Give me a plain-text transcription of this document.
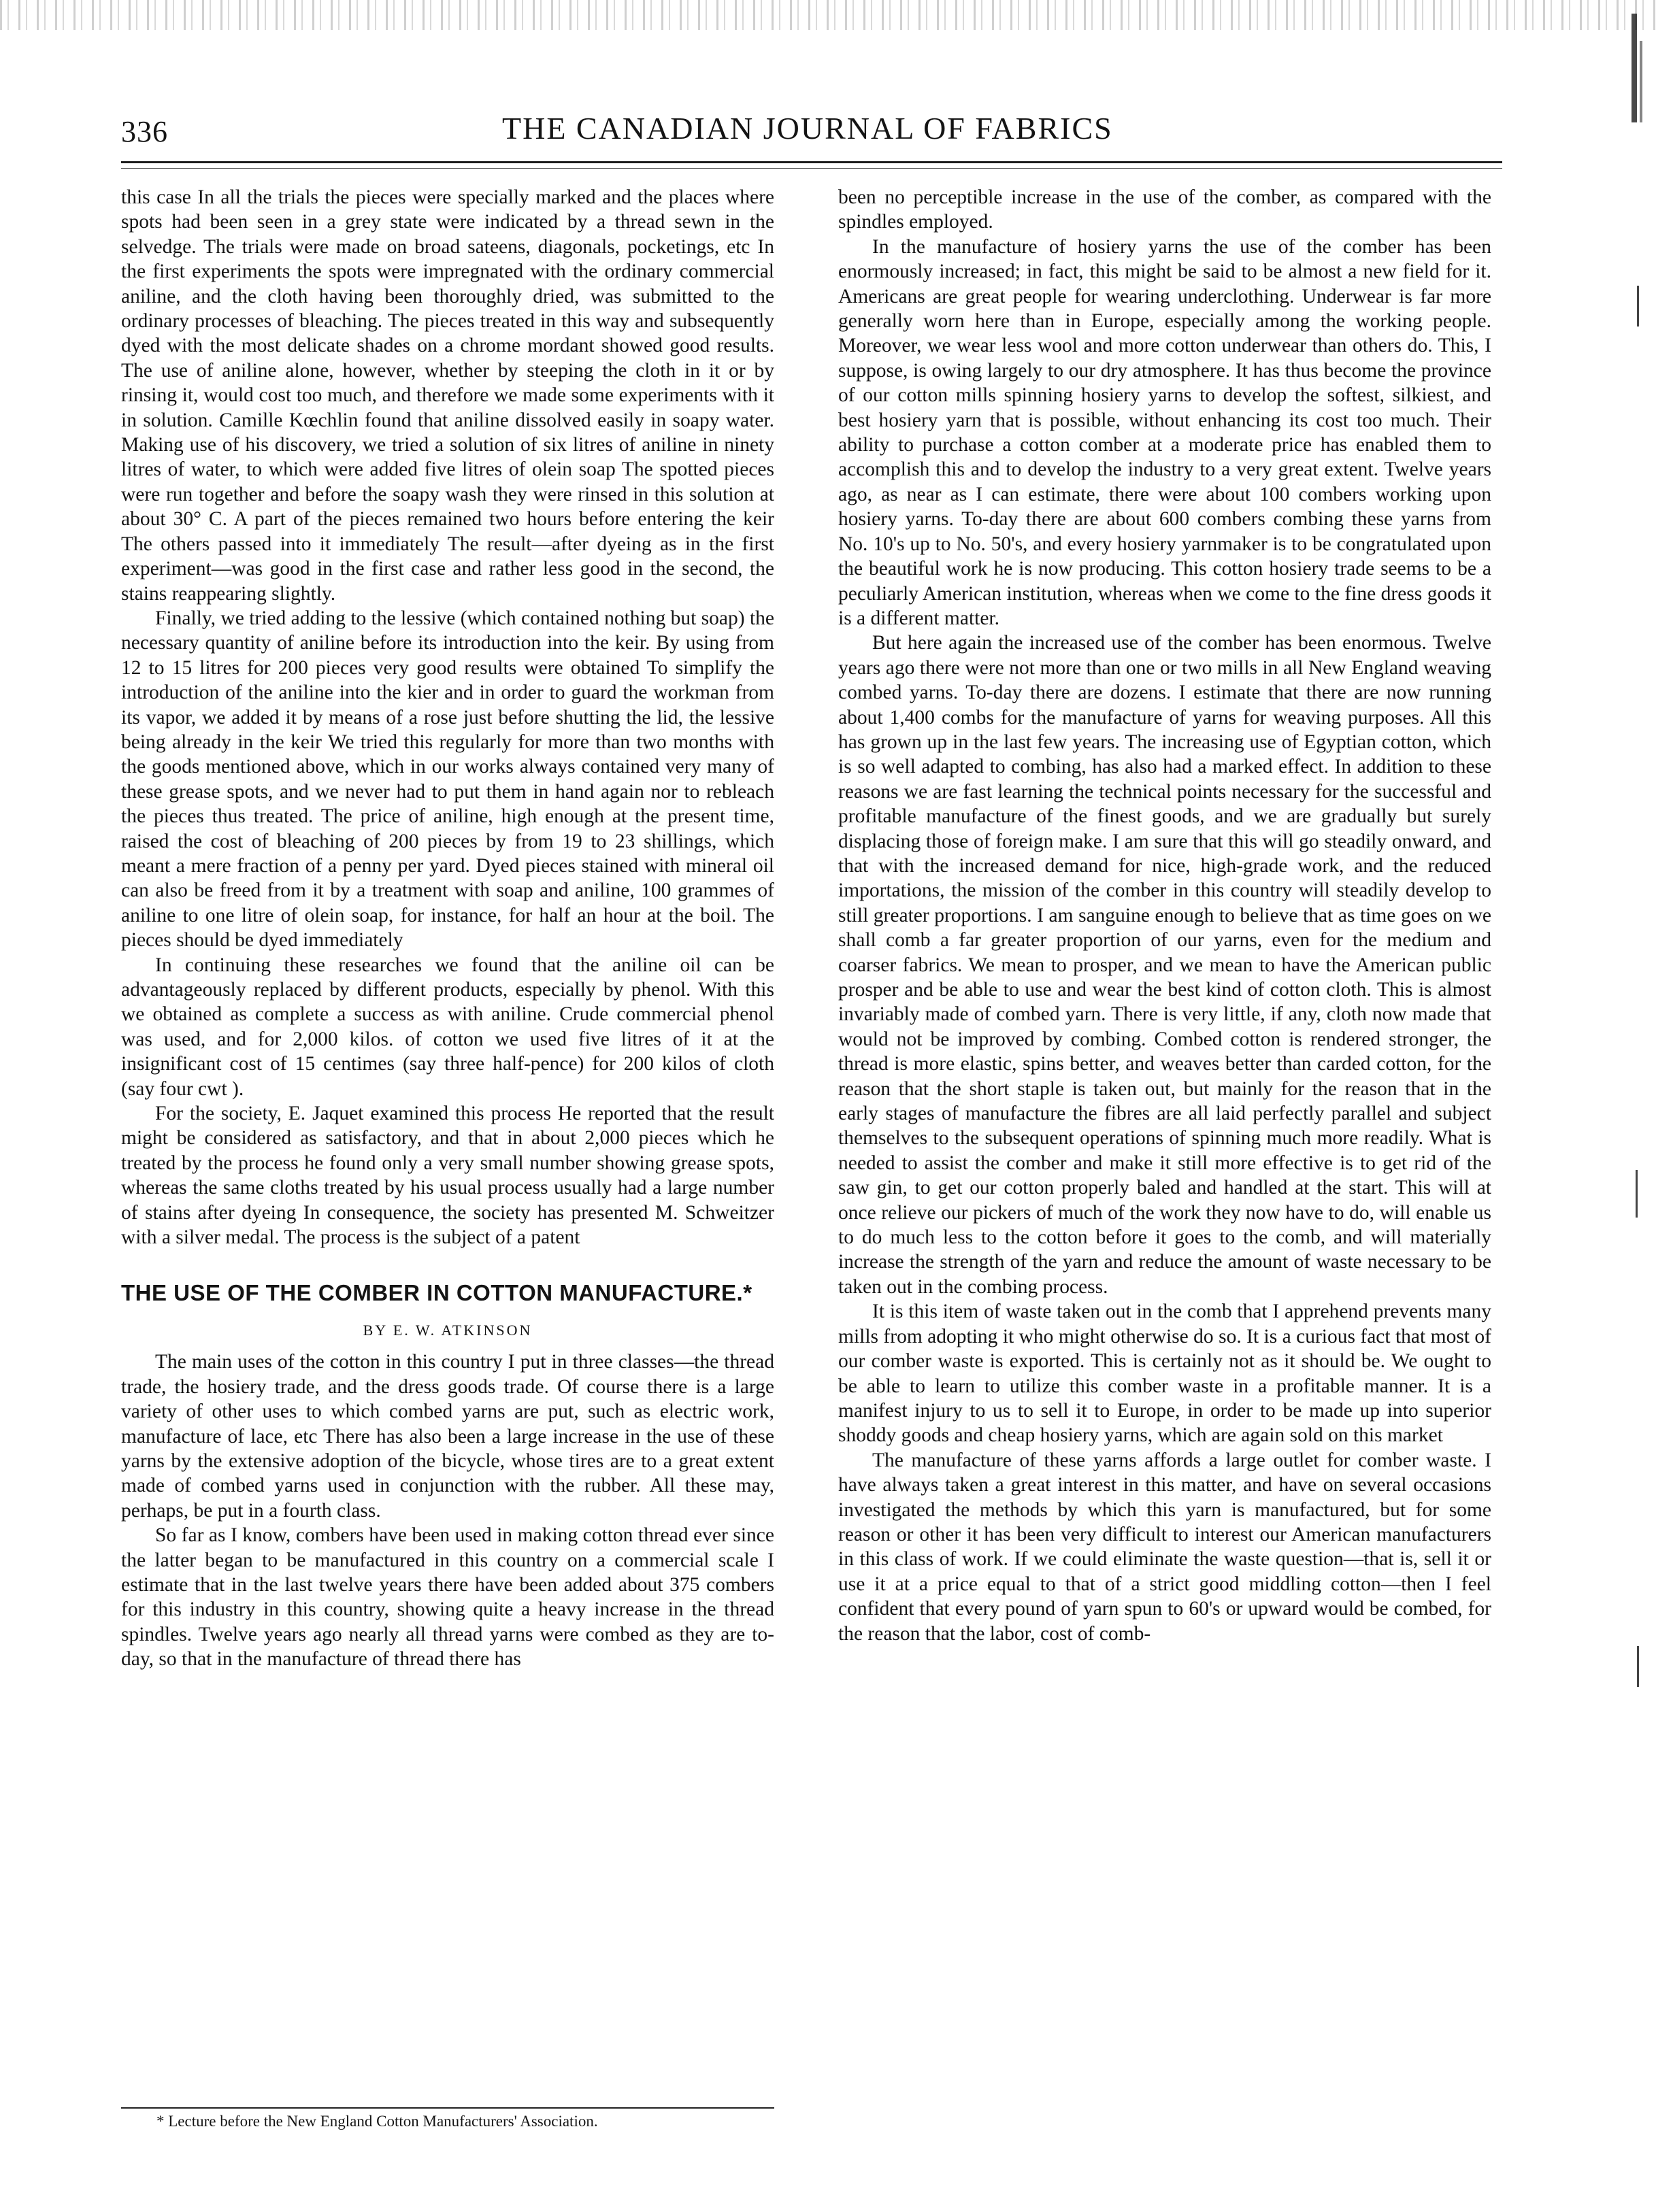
336	THE CANADIAN JOURNAL OF FABRICS

this case In all the trials the pieces were specially marked and the places where spots had been seen in a grey state were indicated by a thread sewn in the selvedge. The trials were made on broad sateens, diagonals, pocketings, etc In the first experiments the spots were impregnated with the ordinary commercial aniline, and the cloth having been thoroughly dried, was submitted to the ordinary processes of bleaching. The pieces treated in this way and subsequently dyed with the most delicate shades on a chrome mordant showed good results. The use of aniline alone, however, whether by steeping the cloth in it or by rinsing it, would cost too much, and therefore we made some experiments with it in solution. Camille Kœchlin found that aniline dissolved easily in soapy water. Making use of his discovery, we tried a solution of six litres of aniline in ninety litres of water, to which were added five litres of olein soap The spotted pieces were run together and before the soapy wash they were rinsed in this solution at about 30° C. A part of the pieces remained two hours before entering the keir The others passed into it immediately The result—after dyeing as in the first experiment—was good in the first case and rather less good in the second, the stains reappearing slightly.

Finally, we tried adding to the lessive (which contained nothing but soap) the necessary quantity of aniline before its introduction into the keir. By using from 12 to 15 litres for 200 pieces very good results were obtained To simplify the introduction of the aniline into the kier and in order to guard the workman from its vapor, we added it by means of a rose just before shutting the lid, the lessive being already in the keir We tried this regularly for more than two months with the goods mentioned above, which in our works always contained very many of these grease spots, and we never had to put them in hand again nor to rebleach the pieces thus treated. The price of aniline, high enough at the present time, raised the cost of bleaching of 200 pieces by from 19 to 23 shillings, which meant a mere fraction of a penny per yard. Dyed pieces stained with mineral oil can also be freed from it by a treatment with soap and aniline, 100 grammes of aniline to one litre of olein soap, for instance, for half an hour at the boil. The pieces should be dyed immediately

In continuing these researches we found that the aniline oil can be advantageously replaced by different products, especially by phenol. With this we obtained as complete a success as with aniline. Crude commercial phenol was used, and for 2,000 kilos. of cotton we used five litres of it at the insignificant cost of 15 centimes (say three half-pence) for 200 kilos of cloth (say four cwt ).

For the society, E. Jaquet examined this process He reported that the result might be considered as satisfactory, and that in about 2,000 pieces which he treated by the process he found only a very small number showing grease spots, whereas the same cloths treated by his usual process usually had a large number of stains after dyeing In consequence, the society has presented M. Schweitzer with a silver medal. The process is the subject of a patent

THE USE OF THE COMBER IN COTTON MANUFACTURE.*
BY E. W. ATKINSON

The main uses of the cotton in this country I put in three classes—the thread trade, the hosiery trade, and the dress goods trade. Of course there is a large variety of other uses to which combed yarns are put, such as electric work, manufacture of lace, etc There has also been a large increase in the use of these yarns by the extensive adoption of the bicycle, whose tires are to a great extent made of combed yarns used in conjunction with the rubber. All these may, perhaps, be put in a fourth class.

So far as I know, combers have been used in making cotton thread ever since the latter began to be manufactured in this country on a commercial scale I estimate that in the last twelve years there have been added about 375 combers for this industry in this country, showing quite a heavy increase in the thread spindles. Twelve years ago nearly all thread yarns were combed as they are to-day, so that in the manufacture of thread there has

* Lecture before the New England Cotton Manufacturers' Association.

been no perceptible increase in the use of the comber, as compared with the spindles employed.

In the manufacture of hosiery yarns the use of the comber has been enormously increased; in fact, this might be said to be almost a new field for it. Americans are great people for wearing underclothing. Underwear is far more generally worn here than in Europe, especially among the working people. Moreover, we wear less wool and more cotton underwear than others do. This, I suppose, is owing largely to our dry atmosphere. It has thus become the province of our cotton mills spinning hosiery yarns to develop the softest, silkiest, and best hosiery yarn that is possible, without enhancing its cost too much. Their ability to purchase a cotton comber at a moderate price has enabled them to accomplish this and to develop the industry to a very great extent. Twelve years ago, as near as I can estimate, there were about 100 combers working upon hosiery yarns. To-day there are about 600 combers combing these yarns from No. 10's up to No. 50's, and every hosiery yarnmaker is to be congratulated upon the beautiful work he is now producing. This cotton hosiery trade seems to be a peculiarly American institution, whereas when we come to the fine dress goods it is a different matter.

But here again the increased use of the comber has been enormous. Twelve years ago there were not more than one or two mills in all New England weaving combed yarns. To-day there are dozens. I estimate that there are now running about 1,400 combs for the manufacture of yarns for weaving purposes. All this has grown up in the last few years. The increasing use of Egyptian cotton, which is so well adapted to combing, has also had a marked effect. In addition to these reasons we are fast learning the technical points necessary for the successful and profitable manufacture of the finest goods, and we are gradually but surely displacing those of foreign make. I am sure that this will go steadily onward, and that with the increased demand for nice, high-grade work, and the reduced importations, the mission of the comber in this country will steadily develop to still greater proportions. I am sanguine enough to believe that as time goes on we shall comb a far greater proportion of our yarns, even for the medium and coarser fabrics. We mean to prosper, and we mean to have the American public prosper and be able to use and wear the best kind of cotton cloth. This is almost invariably made of combed yarn. There is very little, if any, cloth now made that would not be improved by combing. Combed cotton is rendered stronger, the thread is more elastic, spins better, and weaves better than carded cotton, for the reason that the short staple is taken out, but mainly for the reason that in the early stages of manufacture the fibres are all laid perfectly parallel and subject themselves to the subsequent operations of spinning much more readily. What is needed to assist the comber and make it still more effective is to get rid of the saw gin, to get our cotton properly baled and handled at the start. This will at once relieve our pickers of much of the work they now have to do, will enable us to do much less to the cotton before it goes to the comb, and will materially increase the strength of the yarn and reduce the amount of waste necessary to be taken out in the combing process.

It is this item of waste taken out in the comb that I apprehend prevents many mills from adopting it who might otherwise do so. It is a curious fact that most of our comber waste is exported. This is certainly not as it should be. We ought to be able to learn to utilize this comber waste in a profitable manner. It is a manifest injury to us to sell it to Europe, in order to be made up into superior shoddy goods and cheap hosiery yarns, which are again sold on this market

The manufacture of these yarns affords a large outlet for comber waste. I have always taken a great interest in this matter, and have on several occasions investigated the methods by which this yarn is manufactured, but for some reason or other it has been very difficult to interest our American manufacturers in this class of work. If we could eliminate the waste question—that is, sell it or use it at a price equal to that of a strict good middling cotton—then I feel confident that every pound of yarn spun to 60's or upward would be combed, for the reason that the labor, cost of comb-
